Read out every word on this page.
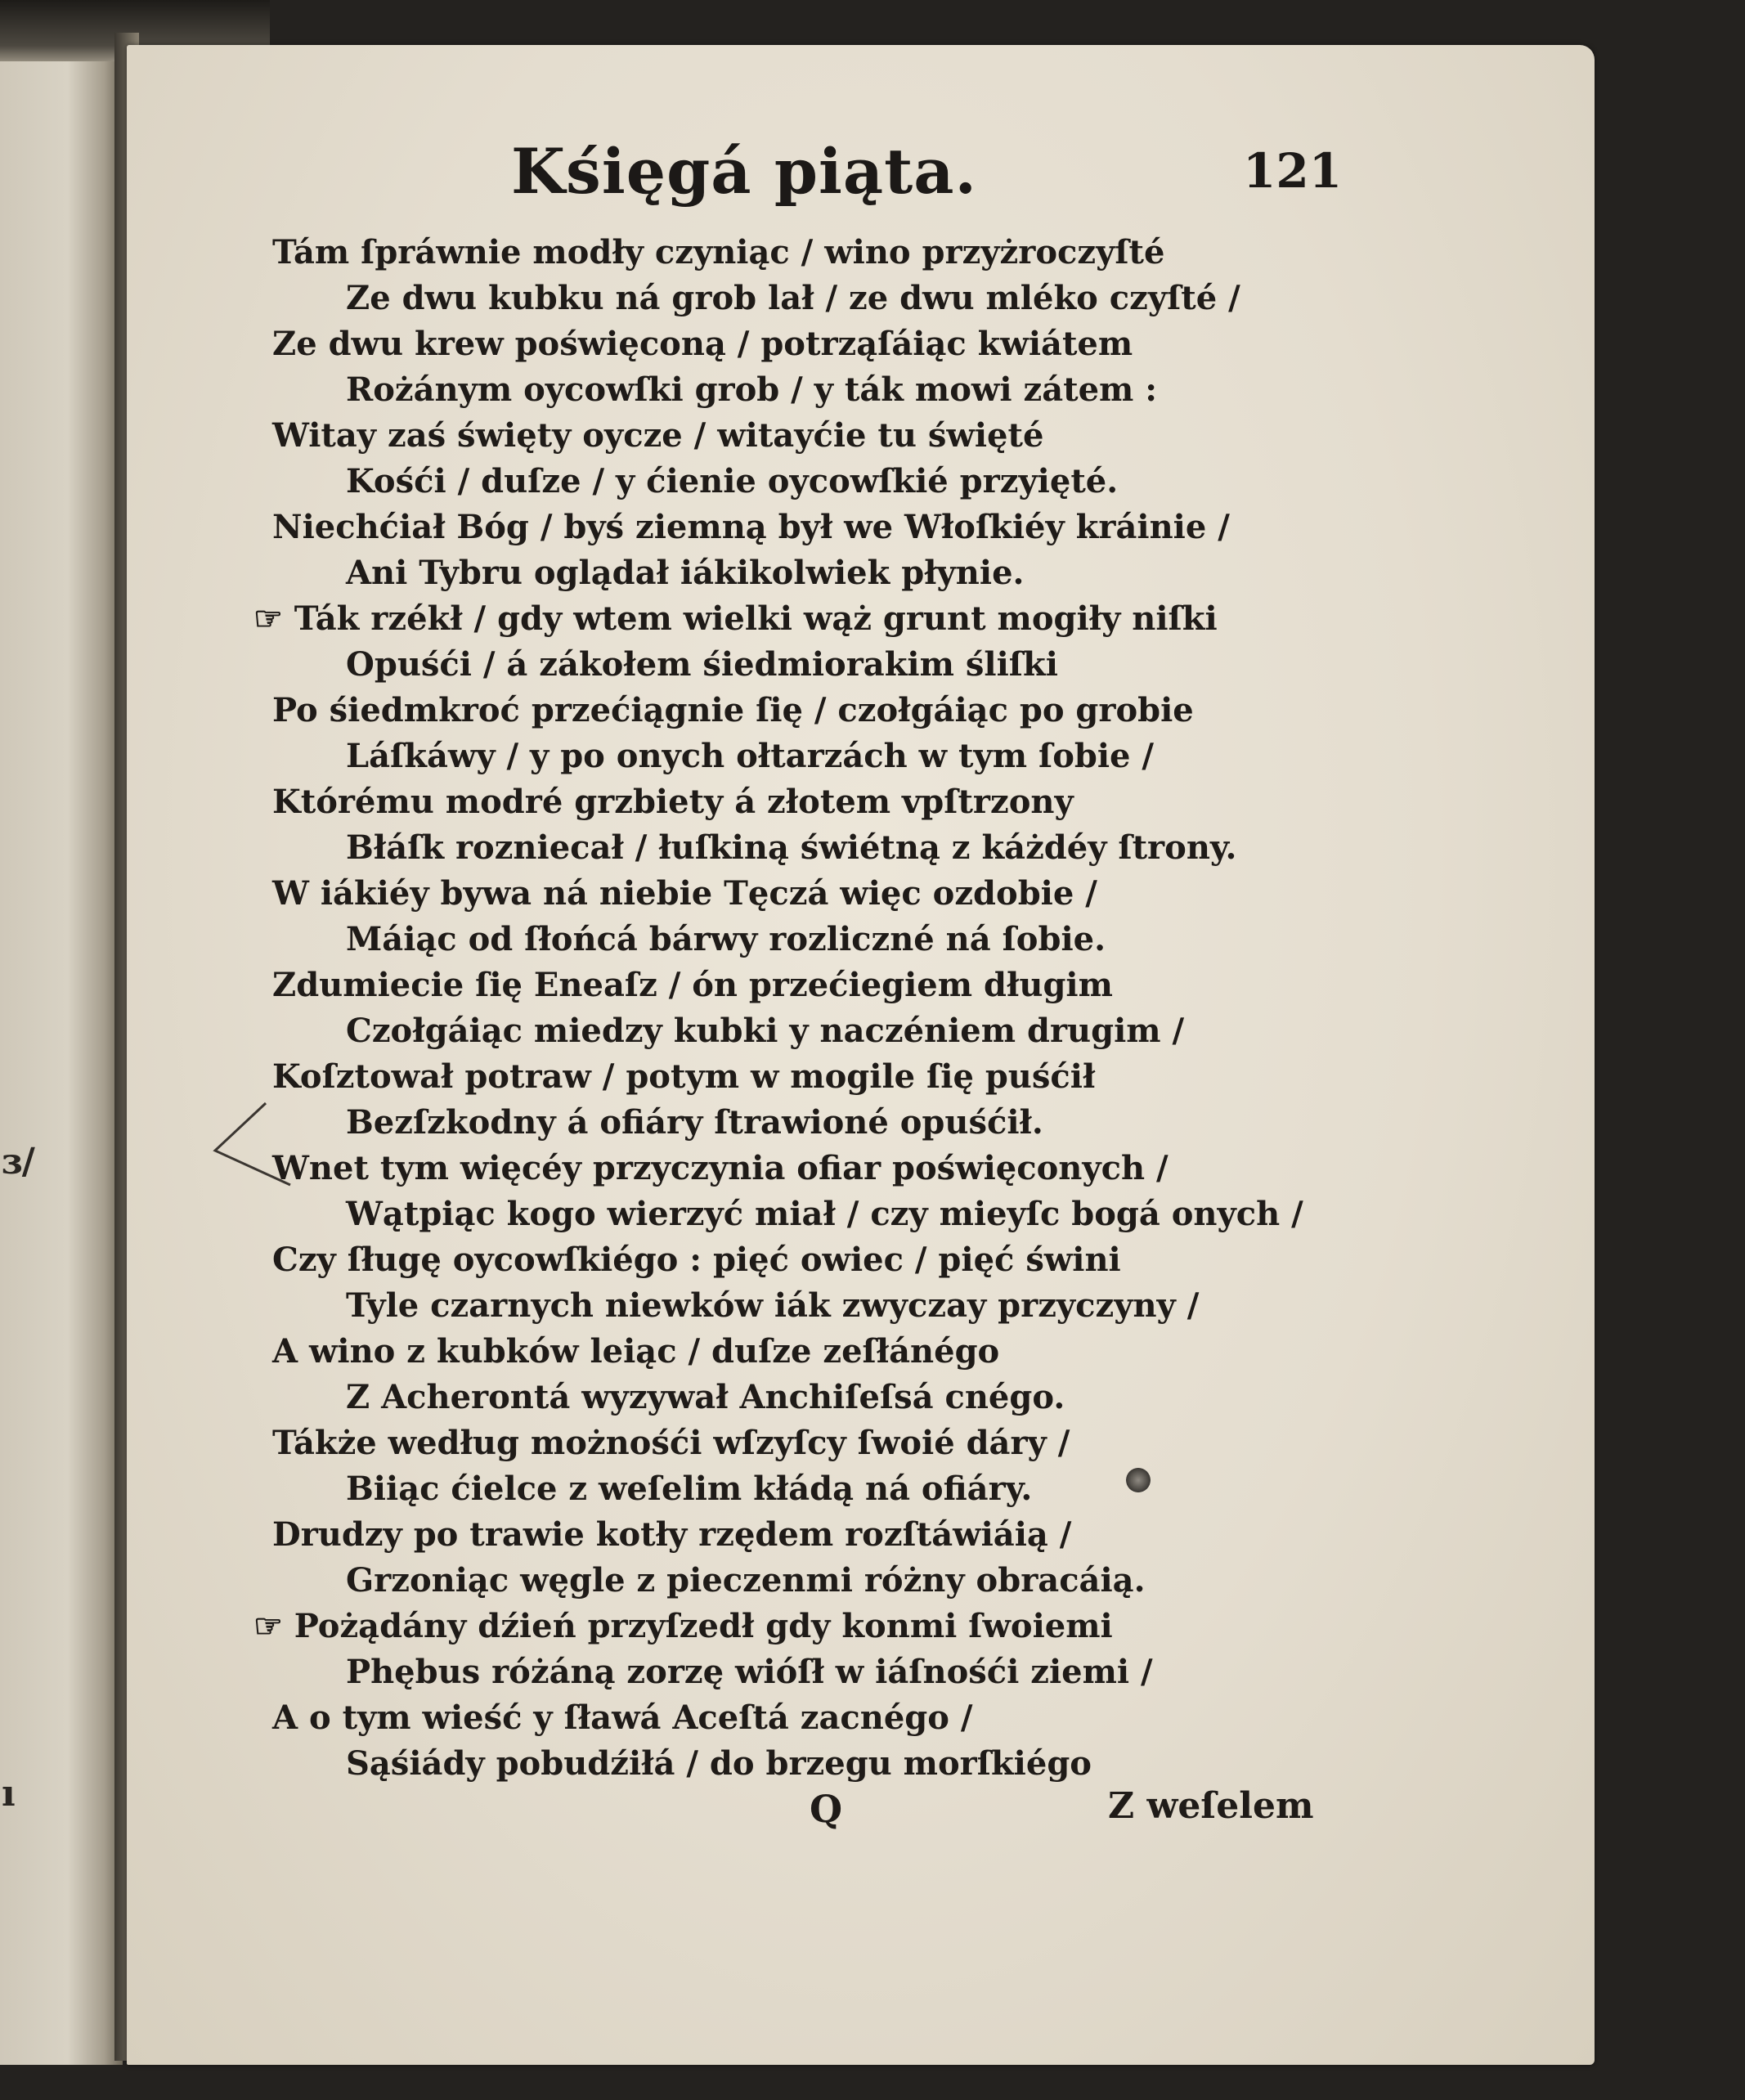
ɜ/
ı
Kśięgá piąta.	121
Tám ſpráwnie modły czyniąc / wino przyżroczyſté
Ze dwu kubku ná grob lał / ze dwu mléko czyſté /
Ze dwu krew poświęconą / potrząſáiąc kwiátem
Rożánym oycowſki grob / y ták mowi zátem :
Witay zaś święty oycze / witayćie tu święté
Kośći / duſze / y ćienie oycowſkié przyięté.
Niechćiał Bóg / byś ziemną był we Włoſkiéy kráinie /
Ani Tybru oglądał iákikolwiek płynie.
☞ Ták rzékł / gdy wtem wielki wąż grunt mogiły niſki
Opuśći / á zákołem śiedmiorakim śliſki
Po śiedmkroć przećiągnie ſię / czołgáiąc po grobie
Láſkáwy / y po onych ołtarzách w tym ſobie /
Którému modré grzbiety á złotem vpſtrzony
Błáſk rozniecał / łuſkiną świétną z káżdéy ſtrony.
W iákiéy bywa ná niebie Tęczá więc ozdobie /
Máiąc od ſłońcá bárwy rozliczné ná ſobie.
Zdumiecie ſię Eneaſz / ón przećiegiem długim
Czołgáiąc miedzy kubki y naczéniem drugim /
Koſztował potraw / potym w mogile ſię puśćił
Bezſzkodny á ofiáry ſtrawioné opuśćił.
Wnet tym więcéy przyczynia ofiar poświęconych /
Wątpiąc kogo wierzyć miał / czy mieyſc bogá onych /
Czy ſługę oycowſkiégo : pięć owiec / pięć świni
Tyle czarnych niewków iák zwyczay przyczyny /
A wino z kubków leiąc / duſze zeſłánégo
Z Acherontá wyzywał Anchiſeſsá cnégo.
Tákże według możnośći wſzyſcy ſwoié dáry /
Biiąc ćielce z weſelim kłádą ná ofiáry.
Drudzy po trawie kotły rzędem rozſtáwiáią /
Grzoniąc węgle z pieczenmi różny obracáią.
☞ Pożądány dźień przyſzedł gdy konmi ſwoiemi
Phębus różáną zorzę wióſł w iáſnośći ziemi /
A o tym wieść y ſławá Aceſtá zacnégo /
Sąśiády pobudźiłá / do brzegu morſkiégo
Q	Z weſelem
